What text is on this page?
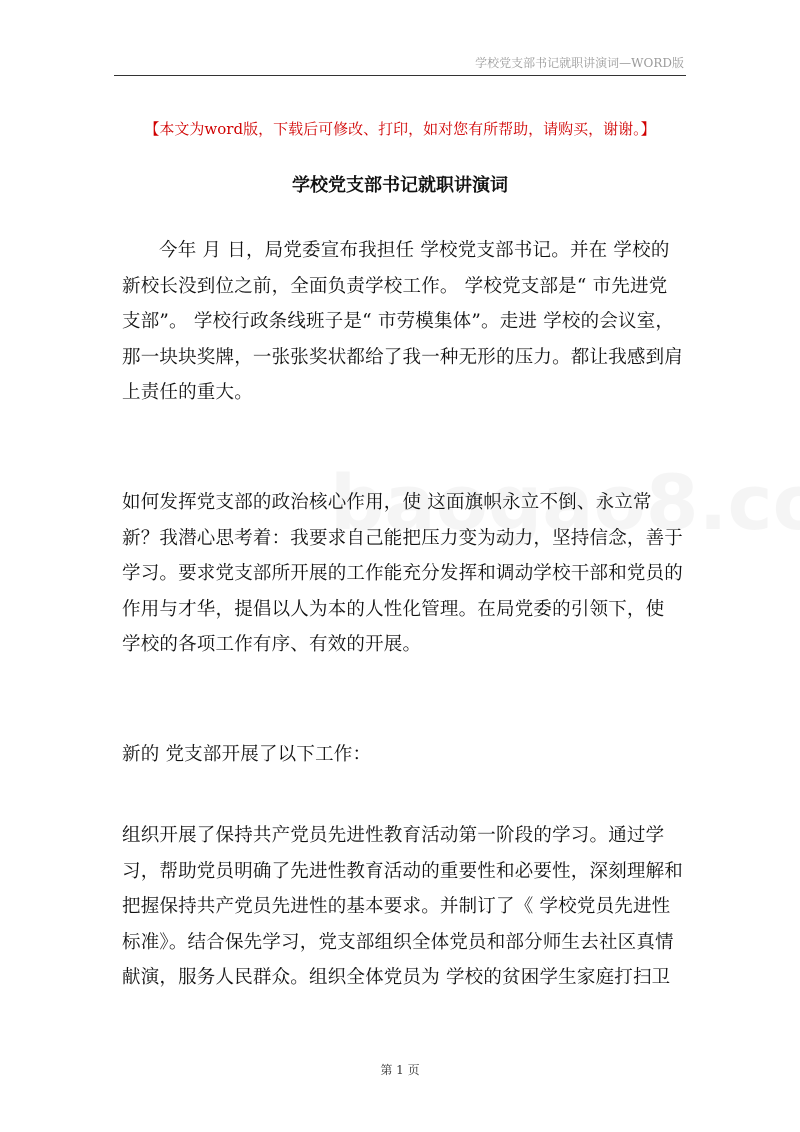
学校党支部书记就职讲演词—WORD版
【本文为word版，下载后可修改、打印，如对您有所帮助，请购买，谢谢。】
学校党支部书记就职讲演词

今年 月 日，局党委宣布我担任 学校党支部书记。并在 学校的新校长没到位之前，全面负责学校工作。 学校党支部是“ 市先进党支部”。 学校行政条线班子是“ 市劳模集体”。走进 学校的会议室，那一块块奖牌，一张张奖状都给了我一种无形的压力。都让我感到肩上责任的重大。

如何发挥党支部的政治核心作用，使 这面旗帜永立不倒、永立常新？我潜心思考着：我要求自己能把压力变为动力，坚持信念，善于学习。要求党支部所开展的工作能充分发挥和调动学校干部和党员的作用与才华，提倡以人为本的人性化管理。在局党委的引领下，使 学校的各项工作有序、有效的开展。

新的 党支部开展了以下工作：

组织开展了保持共产党员先进性教育活动第一阶段的学习。通过学习，帮助党员明确了先进性教育活动的重要性和必要性，深刻理解和把握保持共产党员先进性的基本要求。并制订了《 学校党员先进性标准》。结合保先学习，党支部组织全体党员和部分师生去社区真情献演，服务人民群众。组织全体党员为 学校的贫困学生家庭打扫卫

第 1 页
